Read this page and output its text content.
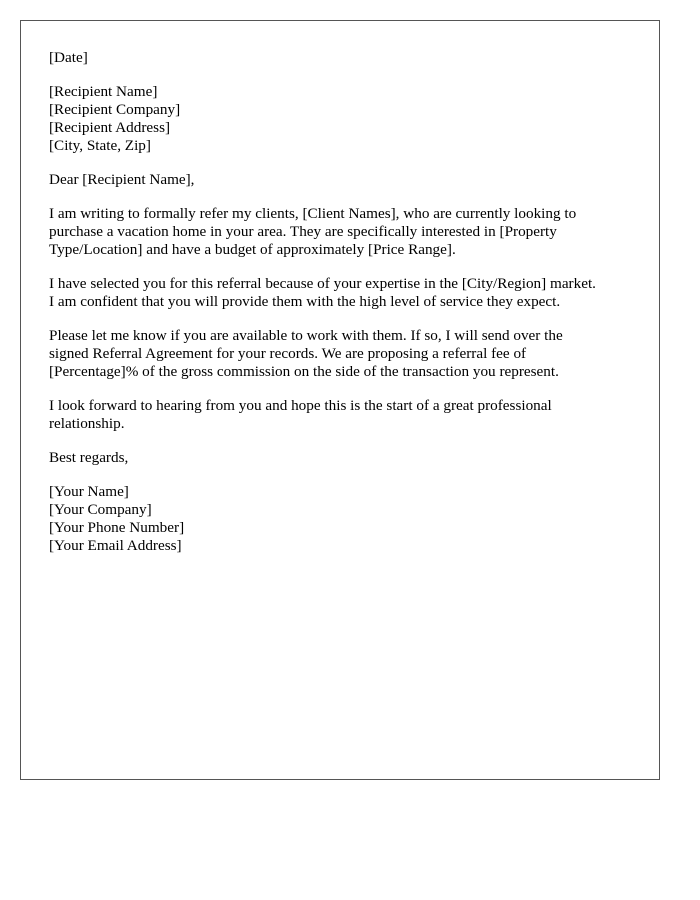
[Date]
[Recipient Name]
[Recipient Company]
[Recipient Address]
[City, State, Zip]
Dear [Recipient Name],
I am writing to formally refer my clients, [Client Names], who are currently looking to
purchase a vacation home in your area. They are specifically interested in [Property
Type/Location] and have a budget of approximately [Price Range].
I have selected you for this referral because of your expertise in the [City/Region] market.
I am confident that you will provide them with the high level of service they expect.
Please let me know if you are available to work with them. If so, I will send over the
signed Referral Agreement for your records. We are proposing a referral fee of
[Percentage]% of the gross commission on the side of the transaction you represent.
I look forward to hearing from you and hope this is the start of a great professional
relationship.
Best regards,
[Your Name]
[Your Company]
[Your Phone Number]
[Your Email Address]
